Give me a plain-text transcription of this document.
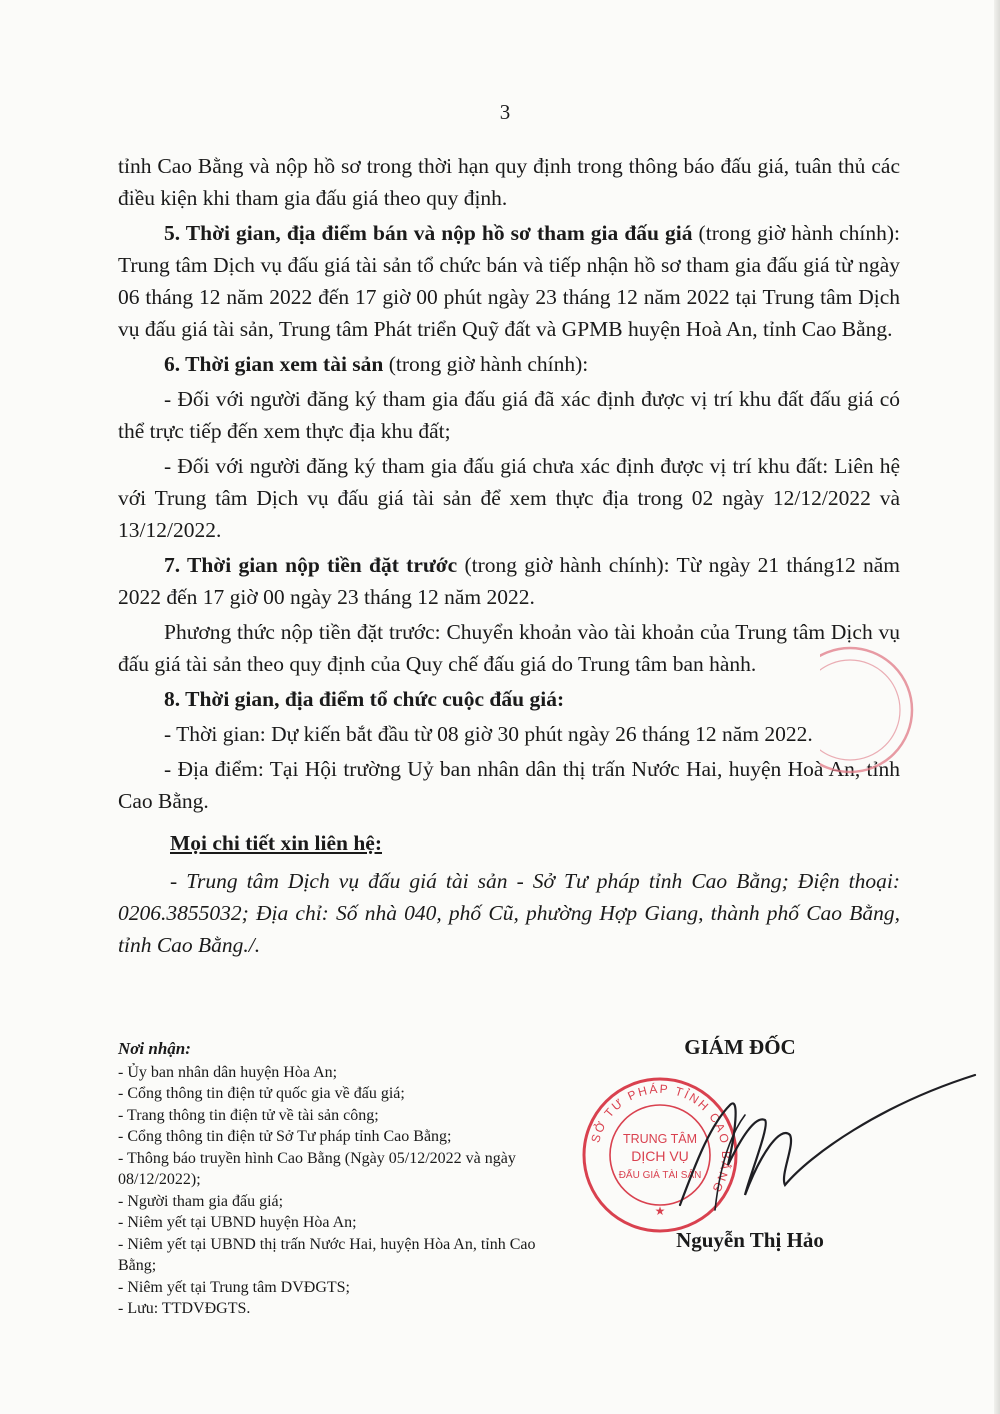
3

tỉnh Cao Bằng và nộp hồ sơ trong thời hạn quy định trong thông báo đấu giá, tuân thủ các điều kiện khi tham gia đấu giá theo quy định.

5. Thời gian, địa điểm bán và nộp hồ sơ tham gia đấu giá (trong giờ hành chính): Trung tâm Dịch vụ đấu giá tài sản tổ chức bán và tiếp nhận hồ sơ tham gia đấu giá từ ngày 06 tháng 12 năm 2022 đến 17 giờ 00 phút ngày 23 tháng 12 năm 2022 tại Trung tâm Dịch vụ đấu giá tài sản, Trung tâm Phát triển Quỹ đất và GPMB huyện Hoà An, tỉnh Cao Bằng.

6. Thời gian xem tài sản (trong giờ hành chính):

- Đối với người đăng ký tham gia đấu giá đã xác định được vị trí khu đất đấu giá có thể trực tiếp đến xem thực địa khu đất;

- Đối với người đăng ký tham gia đấu giá chưa xác định được vị trí khu đất: Liên hệ với Trung tâm Dịch vụ đấu giá tài sản để xem thực địa trong 02 ngày 12/12/2022 và 13/12/2022.

7. Thời gian nộp tiền đặt trước (trong giờ hành chính): Từ ngày 21 tháng12 năm 2022 đến 17 giờ 00 ngày 23 tháng 12 năm 2022.

Phương thức nộp tiền đặt trước: Chuyển khoản vào tài khoản của Trung tâm Dịch vụ đấu giá tài sản theo quy định của Quy chế đấu giá do Trung tâm ban hành.

8. Thời gian, địa điểm tổ chức cuộc đấu giá:

- Thời gian: Dự kiến bắt đầu từ 08 giờ 30 phút ngày 26 tháng 12 năm 2022.

- Địa điểm: Tại Hội trường Uỷ ban nhân dân thị trấn Nước Hai, huyện Hoà An, tỉnh Cao Bằng.

Mọi chi tiết xin liên hệ:

- Trung tâm Dịch vụ đấu giá tài sản - Sở Tư pháp tỉnh Cao Bằng; Điện thoại: 0206.3855032; Địa chỉ: Số nhà 040, phố Cũ, phường Hợp Giang, thành phố Cao Bằng, tỉnh Cao Bằng./.

Nơi nhận:

- Ủy ban nhân dân huyện Hòa An;

- Cổng thông tin điện tử quốc gia về đấu giá;

- Trang thông tin điện tử về tài sản công;

- Cổng thông tin điện tử Sở Tư pháp tỉnh Cao Bằng;

- Thông báo truyền hình Cao Bằng (Ngày 05/12/2022 và ngày 08/12/2022);

- Người tham gia đấu giá;

- Niêm yết tại UBND huyện Hòa An;

- Niêm yết tại UBND thị trấn Nước Hai, huyện Hòa An, tỉnh Cao Bằng;

- Niêm yết tại Trung tâm DVĐGTS;

- Lưu: TTDVĐGTS.

GIÁM ĐỐC
SỞ TƯ PHÁP TỈNH CAO BẰNG
TRUNG TÂM
DỊCH VỤ
ĐẤU GIÁ TÀI SẢN
★
Nguyễn Thị Hảo
